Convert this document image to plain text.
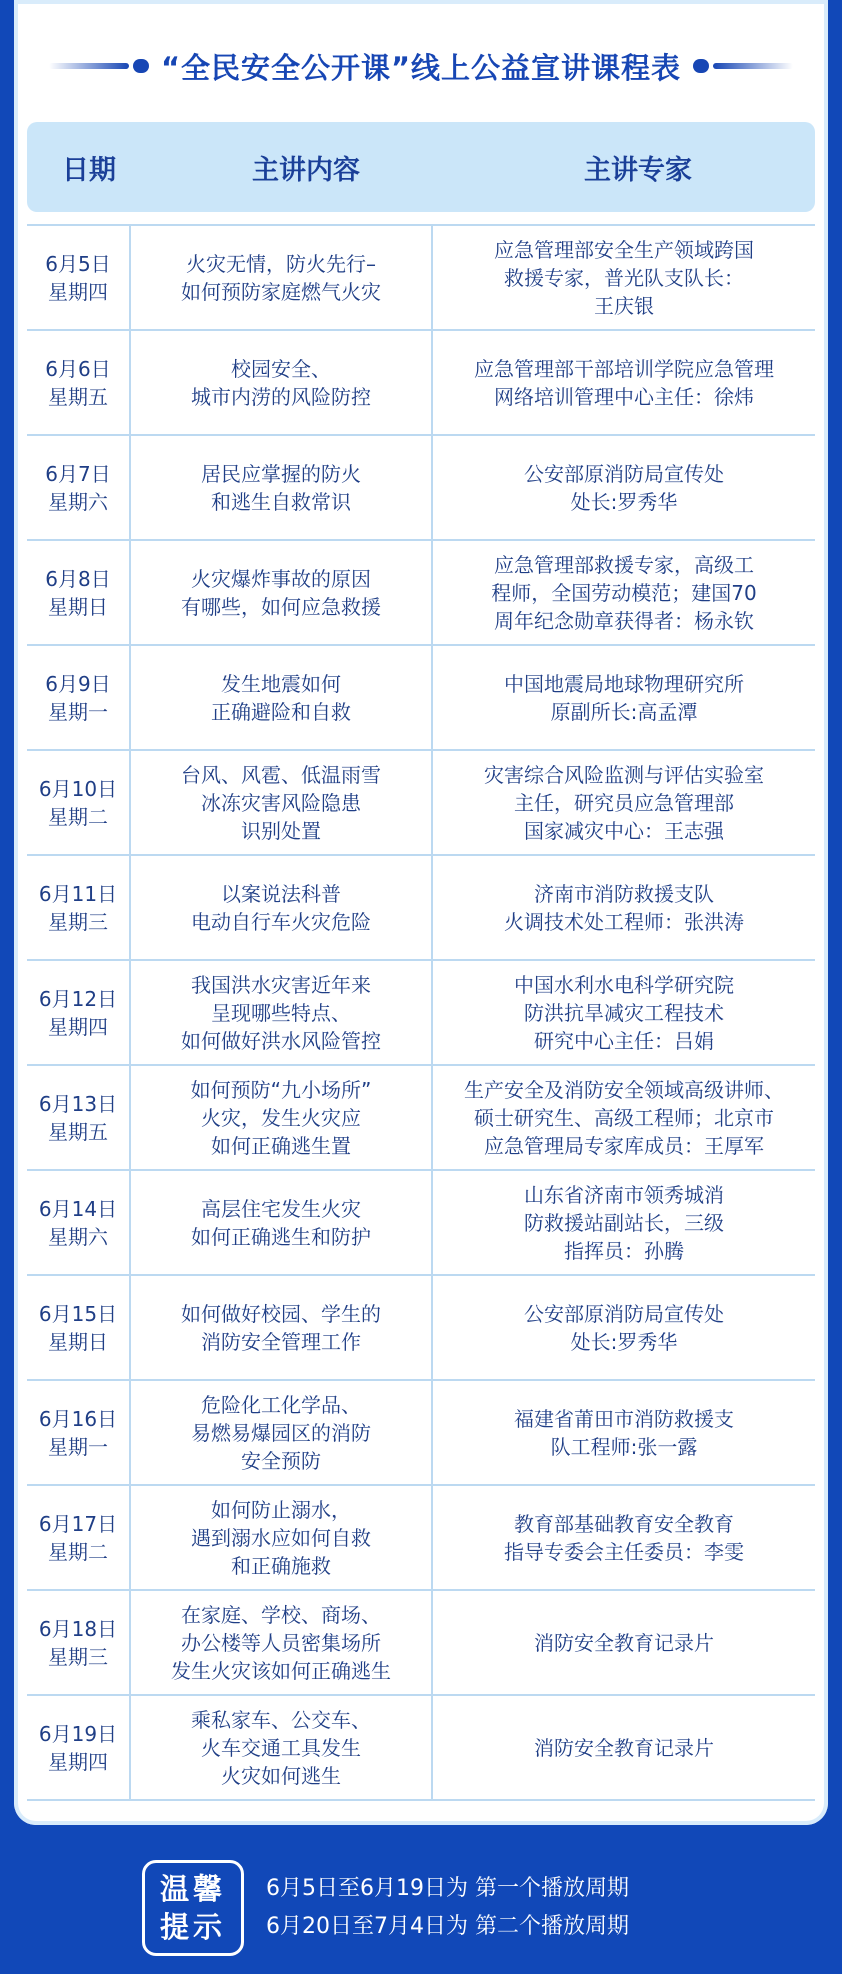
“全民安全公开课”线上公益宣讲课程表
日期	主讲内容	主讲专家
6月5日
星期四
火灾无情，防火先行–
如何预防家庭燃气火灾
应急管理部安全生产领域跨国
救援专家，普光队支队长：
王庆银
6月6日
星期五
校园安全、
城市内涝的风险防控
应急管理部干部培训学院应急管理
网络培训管理中心主任：徐炜
6月7日
星期六
居民应掌握的防火
和逃生自救常识
公安部原消防局宣传处
处长:罗秀华
6月8日
星期日
火灾爆炸事故的原因
有哪些，如何应急救援
应急管理部救援专家，高级工
程师，全国劳动模范；建国70
周年纪念勋章获得者：杨永钦
6月9日
星期一
发生地震如何
正确避险和自救
中国地震局地球物理研究所
原副所长:高孟潭
6月10日
星期二
台风、风雹、低温雨雪
冰冻灾害风险隐患
识别处置
灾害综合风险监测与评估实验室
主任，研究员应急管理部
国家减灾中心：王志强
6月11日
星期三
以案说法科普
电动自行车火灾危险
济南市消防救援支队
火调技术处工程师：张洪涛
6月12日
星期四
我国洪水灾害近年来
呈现哪些特点、
如何做好洪水风险管控
中国水利水电科学研究院
防洪抗旱减灾工程技术
研究中心主任：吕娟
6月13日
星期五
如何预防“九小场所”
火灾，发生火灾应
如何正确逃生置
生产安全及消防安全领域高级讲师、
硕士研究生、高级工程师；北京市
应急管理局专家库成员：王厚军
6月14日
星期六
高层住宅发生火灾
如何正确逃生和防护
山东省济南市领秀城消
防救援站副站长，三级
指挥员：孙腾
6月15日
星期日
如何做好校园、学生的
消防安全管理工作
公安部原消防局宣传处
处长:罗秀华
6月16日
星期一
危险化工化学品、
易燃易爆园区的消防
安全预防
福建省莆田市消防救援支
队工程师:张一露
6月17日
星期二
如何防止溺水，
遇到溺水应如何自救
和正确施救
教育部基础教育安全教育
指导专委会主任委员：李雯
6月18日
星期三
在家庭、学校、商场、
办公楼等人员密集场所
发生火灾该如何正确逃生
消防安全教育记录片
6月19日
星期四
乘私家车、公交车、
火车交通工具发生
火灾如何逃生
消防安全教育记录片
温馨
提示
6月5日至6月19日为 第一个播放周期
6月20日至7月4日为 第二个播放周期
